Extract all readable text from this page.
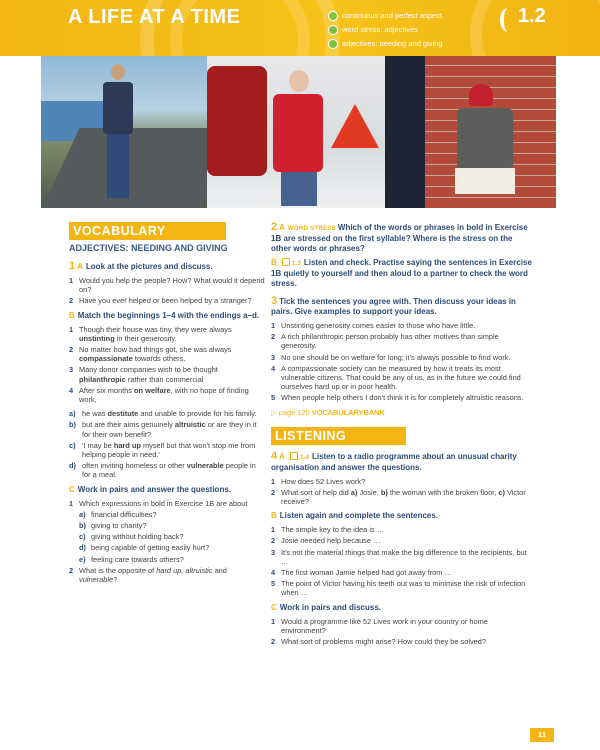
A LIFE AT A TIME	continuous and perfect aspect
word stress: adjectives
adjectives: needing and giving
1.2
VOCABULARY
ADJECTIVES: NEEDING AND GIVING
1 A Look at the pictures and discuss.
1 Would you help the people? How? What would it depend on?
2 Have you ever helped or been helped by a stranger?
B Match the beginnings 1–4 with the endings a–d.
1 Though their house was tiny, they were always unstinting in their generosity.
2 No matter how bad things got, she was always compassionate towards others.
3 Many donor companies wish to be thought philanthropic rather than commercial
4 After six months on welfare, with no hope of finding work,
a) he was destitute and unable to provide for his family.
b) but are their aims genuinely altruistic or are they in it for their own benefit?
c) 'I may be hard up myself but that won't stop me from helping people in need.'
d) often inviting homeless or other vulnerable people in for a meal.
C Work in pairs and answer the questions.
1 Which expressions in bold in Exercise 1B are about
a) financial difficulties?
b) giving to charity?
c) giving without holding back?
d) being capable of getting easily hurt?
e) feeling care towards others?
2 What is the opposite of hard up, altruistic and vulnerable?
2 A WORD STRESS Which of the words or phrases in bold in Exercise 1B are stressed on the first syllable? Where is the stress on the other words or phrases?
B 1.3 Listen and check. Practise saying the sentences in Exercise 1B quietly to yourself and then aloud to a partner to check the word stress.
3 Tick the sentences you agree with. Then discuss your ideas in pairs. Give examples to support your ideas.
1 Unstinting generosity comes easier to those who have little.
2 A rich philanthropic person probably has other motives than simple generosity.
3 No one should be on welfare for long; it's always possible to find work.
4 A compassionate society can be measured by how it treats its most vulnerable citizens. That could be any of us, as in the future we could find ourselves hard up or in poor health.
5 When people help others I don't think it is for completely altruistic reasons.
▷ page 120 VOCABULARYBANK
LISTENING
4 A 1.4 Listen to a radio programme about an unusual charity organisation and answer the questions.
1 How does 52 Lives work?
2 What sort of help did a) Josie, b) the woman with the broken floor, c) Victor receive?
B Listen again and complete the sentences.
1 The simple key to the idea is …
2 Josie needed help because …
3 It's not the material things that make the big difference to the recipients, but …
4 The first woman Jamie helped had got away from …
5 The point of Victor having his teeth out was to minimise the risk of infection when …
C Work in pairs and discuss.
1 Would a programme like 52 Lives work in your country or home environment?
2 What sort of problems might arise? How could they be solved?
11
